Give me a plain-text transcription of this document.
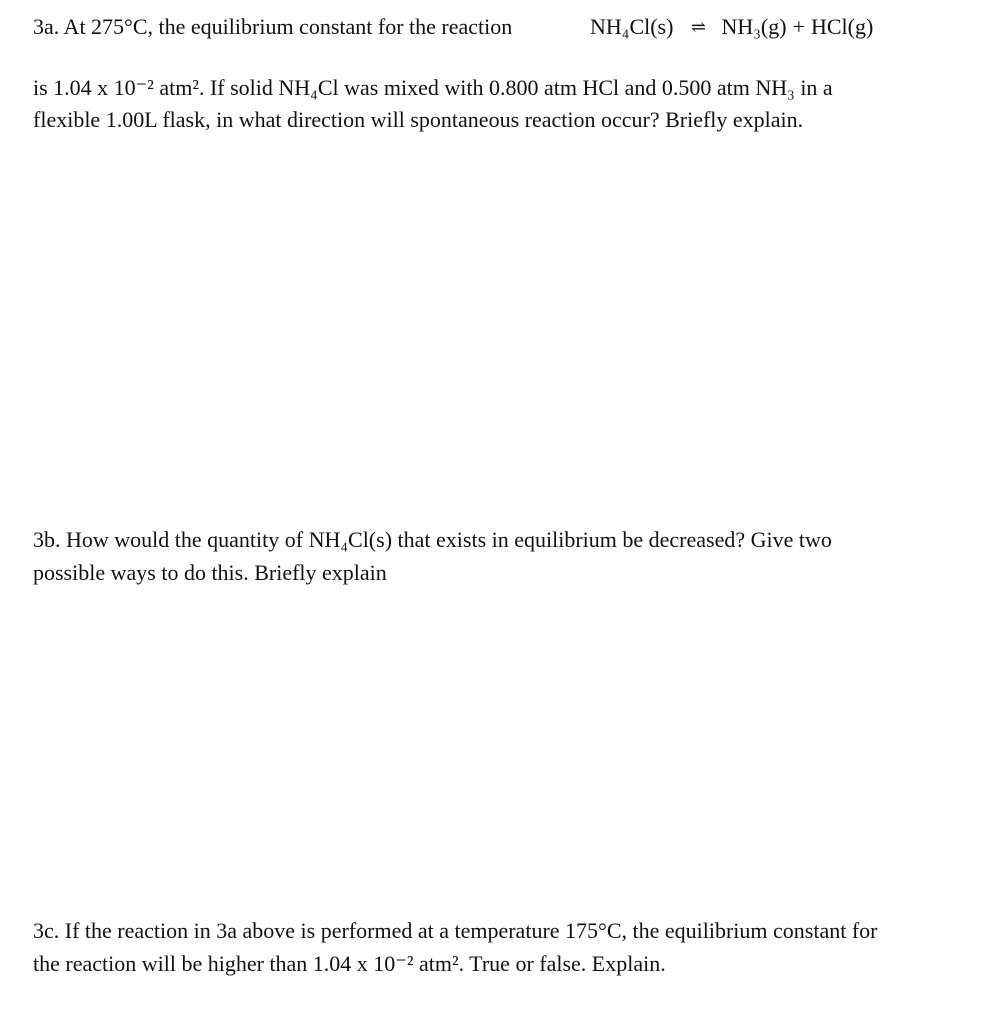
3a. At 275°C, the equilibrium constant for the reaction	NH₄Cl(s) ⇌ NH₃(g) + HCl(g)
is 1.04 x 10⁻² atm². If solid NH₄Cl was mixed with 0.800 atm HCl and 0.500 atm NH₃ in a
flexible 1.00L flask, in what direction will spontaneous reaction occur? Briefly explain.
3b. How would the quantity of NH₄Cl(s) that exists in equilibrium be decreased? Give two
possible ways to do this. Briefly explain
3c. If the reaction in 3a above is performed at a temperature 175°C, the equilibrium constant for
the reaction will be higher than 1.04 x 10⁻² atm². True or false. Explain.
